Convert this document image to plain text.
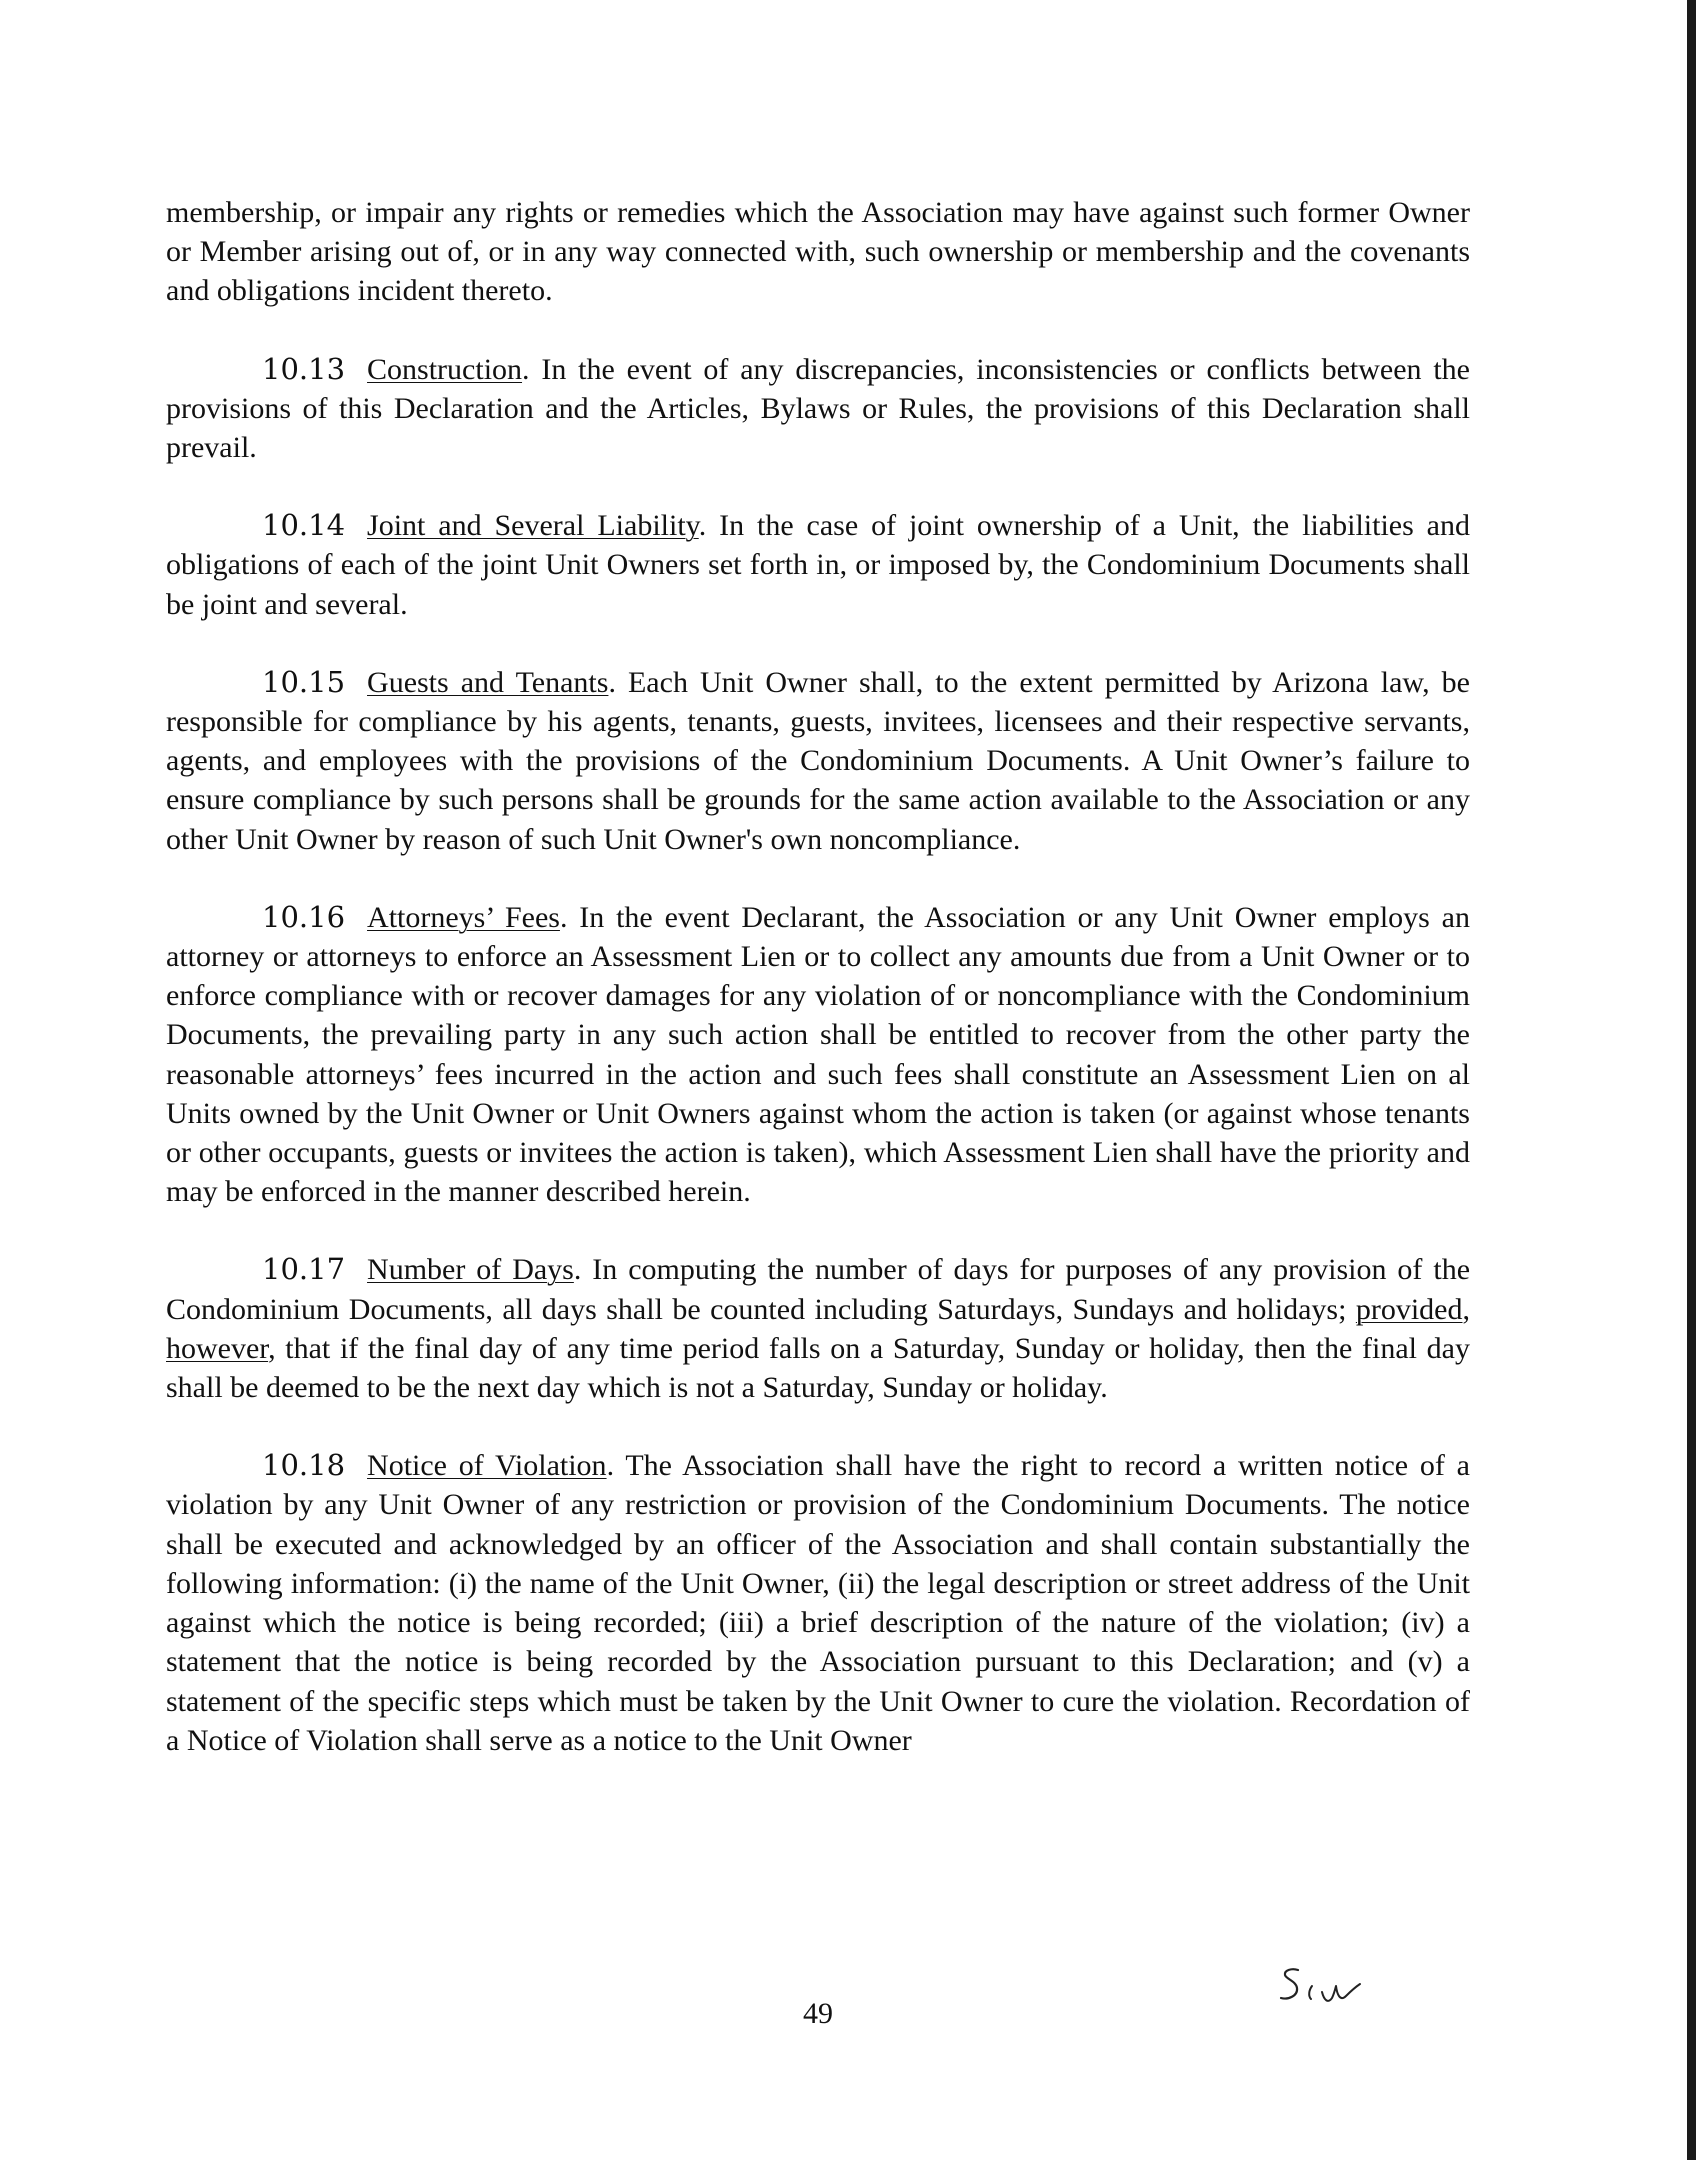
membership, or impair any rights or remedies which the Association may have against such former Owner or Member arising out of, or in any way connected with, such ownership or membership and the covenants and obligations incident thereto.

10.13 Construction. In the event of any discrepancies, inconsistencies or conflicts between the provisions of this Declaration and the Articles, Bylaws or Rules, the provisions of this Declaration shall prevail.

10.14 Joint and Several Liability. In the case of joint ownership of a Unit, the liabilities and obligations of each of the joint Unit Owners set forth in, or imposed by, the Condominium Documents shall be joint and several.

10.15 Guests and Tenants. Each Unit Owner shall, to the extent permitted by Arizona law, be responsible for compliance by his agents, tenants, guests, invitees, licensees and their respective servants, agents, and employees with the provisions of the Condominium Documents. A Unit Owner’s failure to ensure compliance by such persons shall be grounds for the same action available to the Association or any other Unit Owner by reason of such Unit Owner's own noncompliance.

10.16 Attorneys’ Fees. In the event Declarant, the Association or any Unit Owner employs an attorney or attorneys to enforce an Assessment Lien or to collect any amounts due from a Unit Owner or to enforce compliance with or recover damages for any violation of or noncompliance with the Condominium Documents, the prevailing party in any such action shall be entitled to recover from the other party the reasonable attorneys’ fees incurred in the action and such fees shall constitute an Assessment Lien on al Units owned by the Unit Owner or Unit Owners against whom the action is taken (or against whose tenants or other occupants, guests or invitees the action is taken), which Assessment Lien shall have the priority and may be enforced in the manner described herein.

10.17 Number of Days. In computing the number of days for purposes of any provision of the Condominium Documents, all days shall be counted including Saturdays, Sundays and holidays; provided, however, that if the final day of any time period falls on a Saturday, Sunday or holiday, then the final day shall be deemed to be the next day which is not a Saturday, Sunday or holiday.

10.18 Notice of Violation. The Association shall have the right to record a written notice of a violation by any Unit Owner of any restriction or provision of the Condominium Documents. The notice shall be executed and acknowledged by an officer of the Association and shall contain substantially the following information: (i) the name of the Unit Owner, (ii) the legal description or street address of the Unit against which the notice is being recorded; (iii) a brief description of the nature of the violation; (iv) a statement that the notice is being recorded by the Association pursuant to this Declaration; and (v) a statement of the specific steps which must be taken by the Unit Owner to cure the violation. Recordation of a Notice of Violation shall serve as a notice to the Unit Owner

49
